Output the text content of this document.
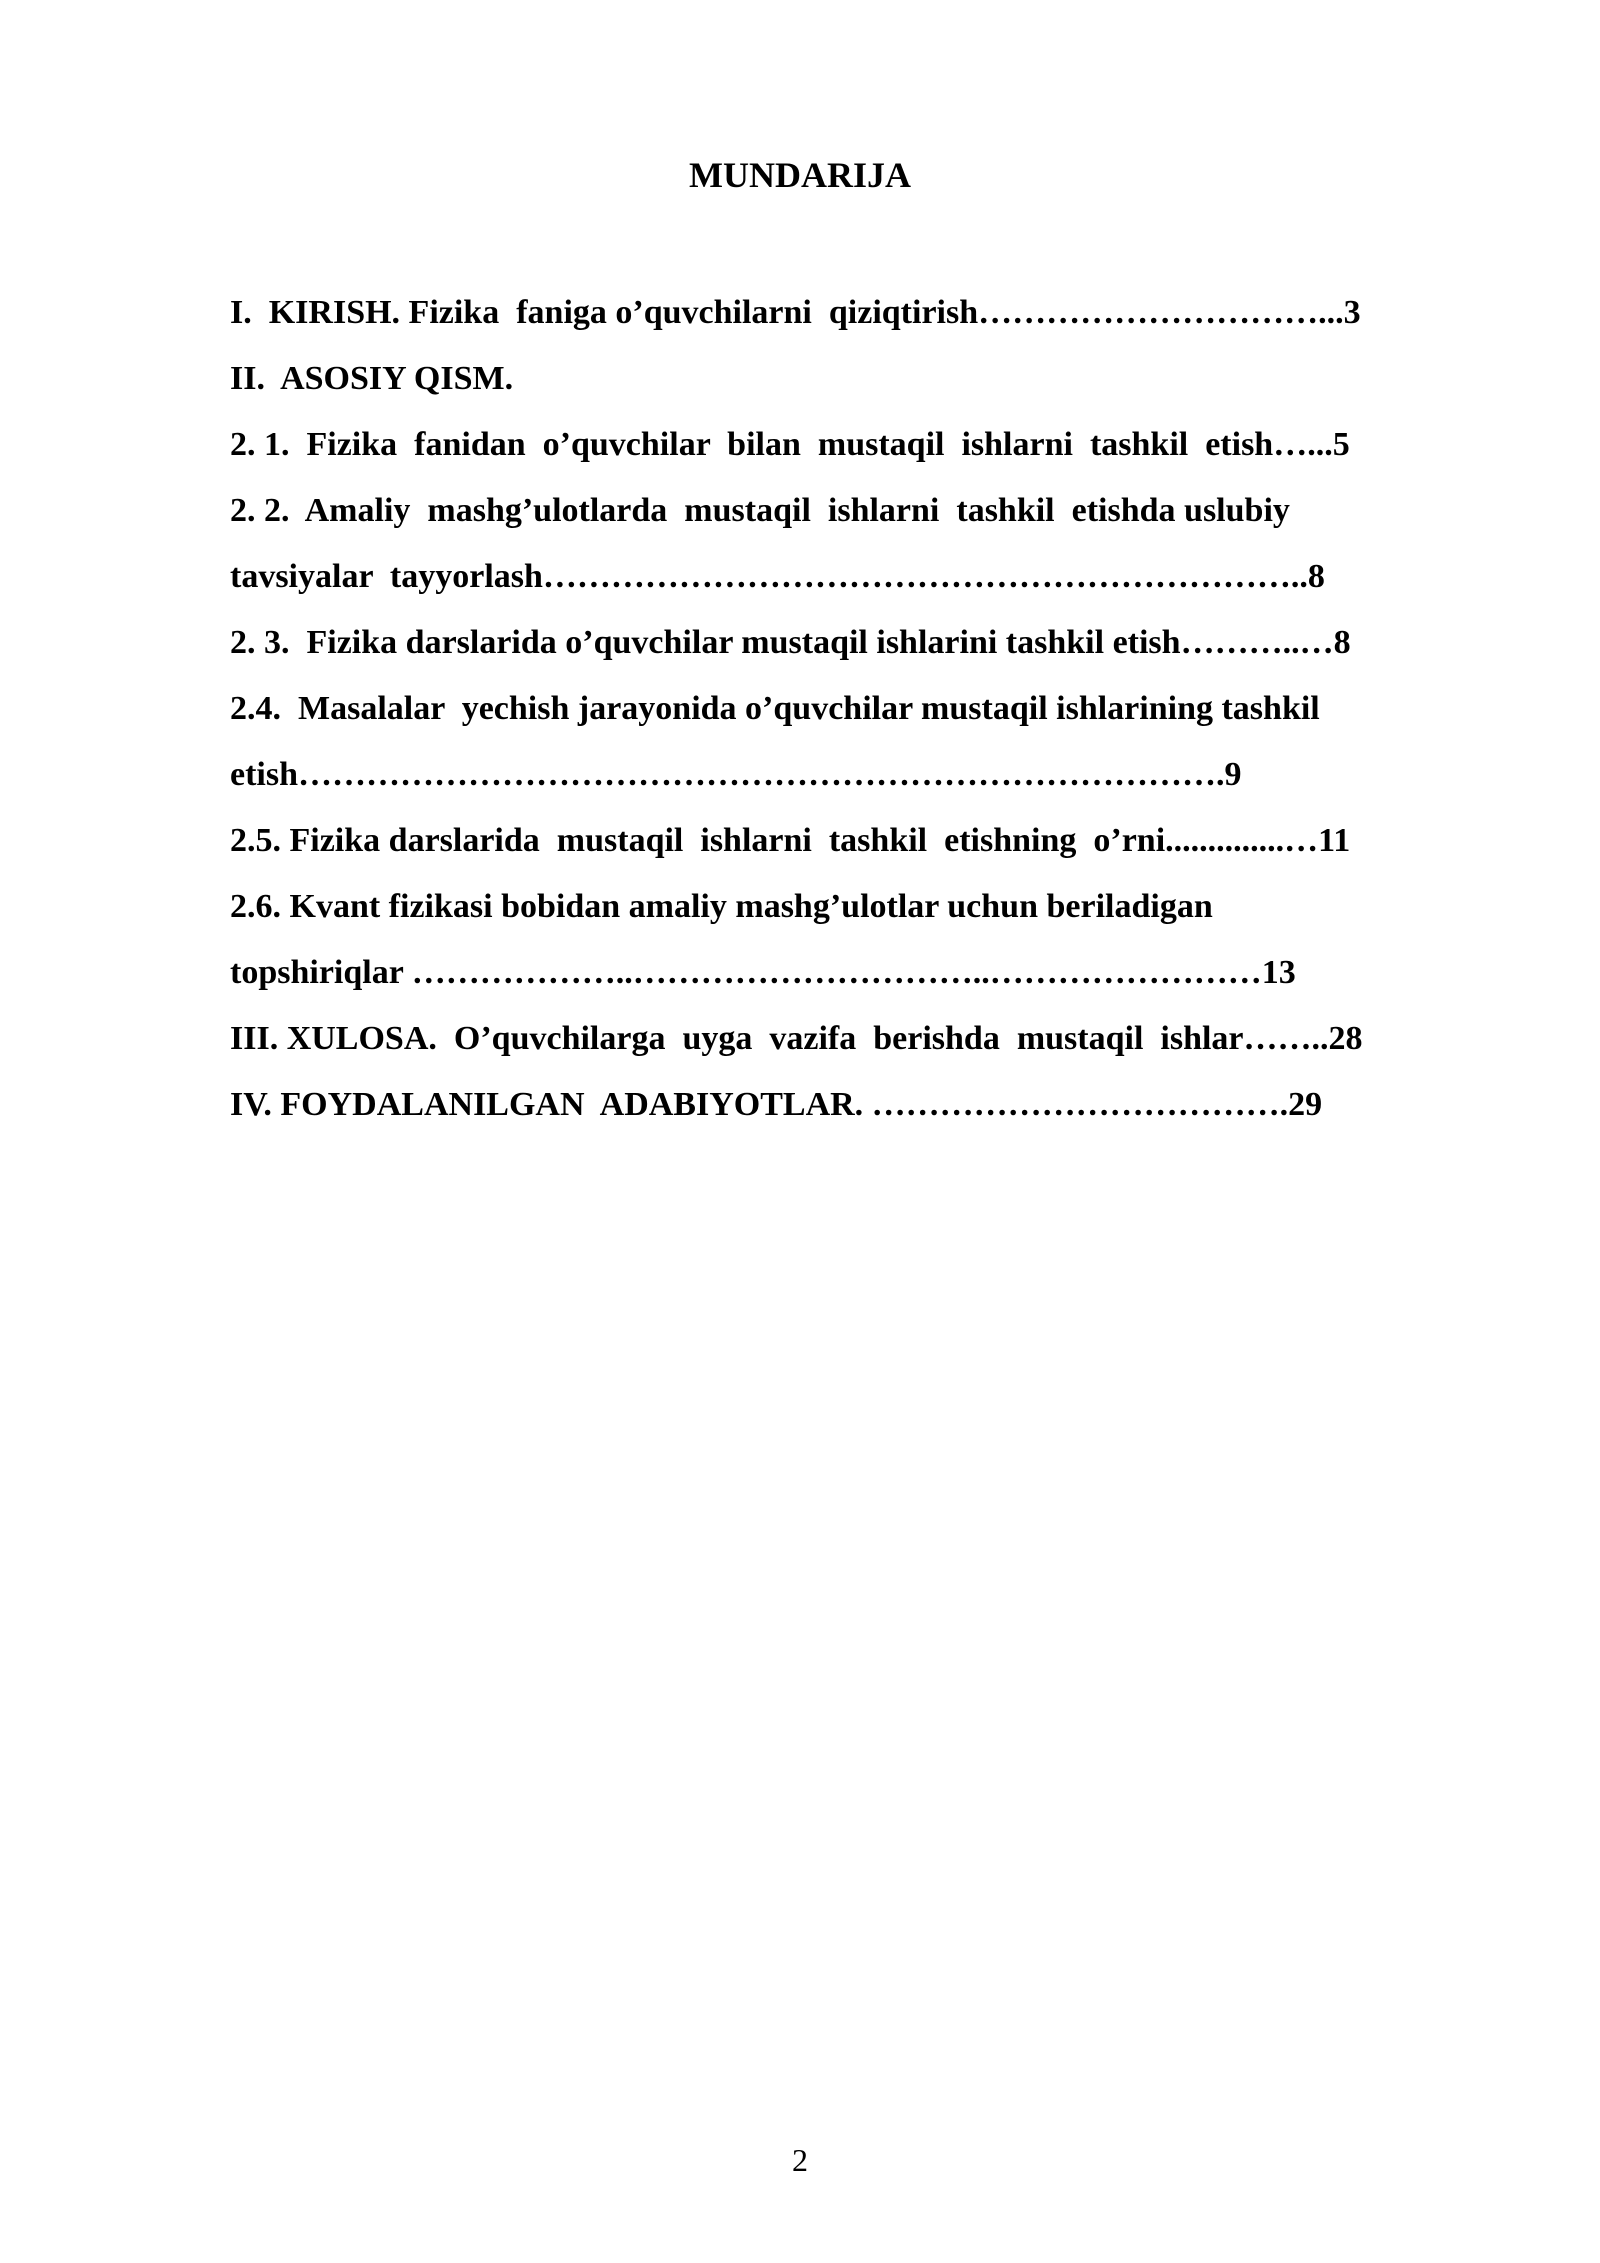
MUNDARIJA
I.  KIRISH. Fizika  faniga o’quvchilarni  qiziqtirish…………………………...3
II.  ASOSIY QISM.
2. 1.  Fizika  fanidan  o’quvchilar  bilan  mustaqil  ishlarni  tashkil  etish…...5
2. 2.  Amaliy  mashg’ulotlarda  mustaqil  ishlarni  tashkil  etishda uslubiy
tavsiyalar  tayyorlash…………………………………………………………..8
2. 3.  Fizika darslarida o’quvchilar mustaqil ishlarini tashkil etish………..…8
2.4.  Masalalar  yechish jarayonida o’quvchilar mustaqil ishlarining tashkil
etish……………………………………………………………………….9
2.5. Fizika darslarida  mustaqil  ishlarni  tashkil  etishning  o’rni..............…11
2.6. Kvant fizikasi bobidan amaliy mashg’ulotlar uchun beriladigan
topshiriqlar ………………..…………………………..……………………13
III. XULOSA.  O’quvchilarga  uyga  vazifa  berishda  mustaqil  ishlar……..28
IV. FOYDALANILGAN  ADABIYOTLAR. ……………………………….29
2
